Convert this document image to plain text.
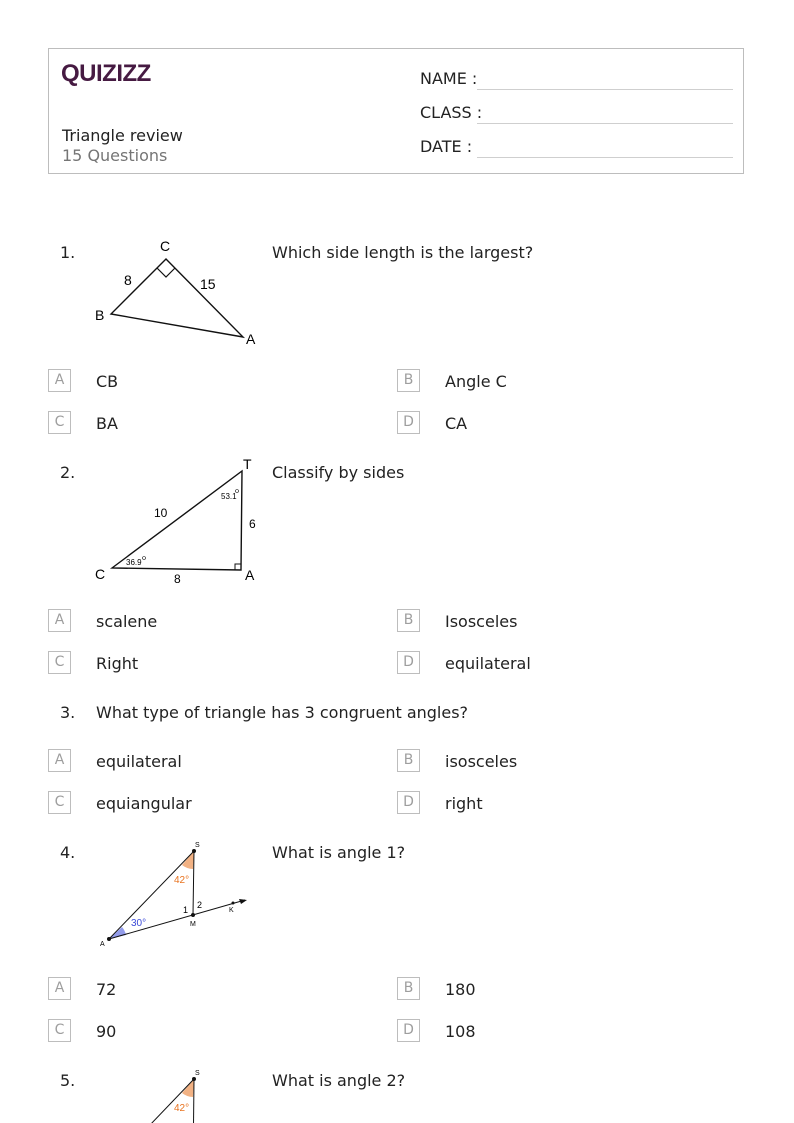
QUIZIZZ
Triangle review
15 Questions
NAME :
CLASS :
DATE :
1.	C
B
A
8	15
Which side length is the largest?
A	CB	B	Angle C
C	BA	D	CA
2.	T
C	A
10
6
8
53.1
36.9
Classify by sides
A	scalene	B	Isosceles
C	Right	D	equilateral
3. What type of triangle has 3 congruent angles?
A	equilateral	B	isosceles
C	equiangular	D	right
4.	S
A
M
K
42°
30°
1 2
What is angle 1?
A	72	B	180
C	90	D	108
5.	S
42°
What is angle 2?
